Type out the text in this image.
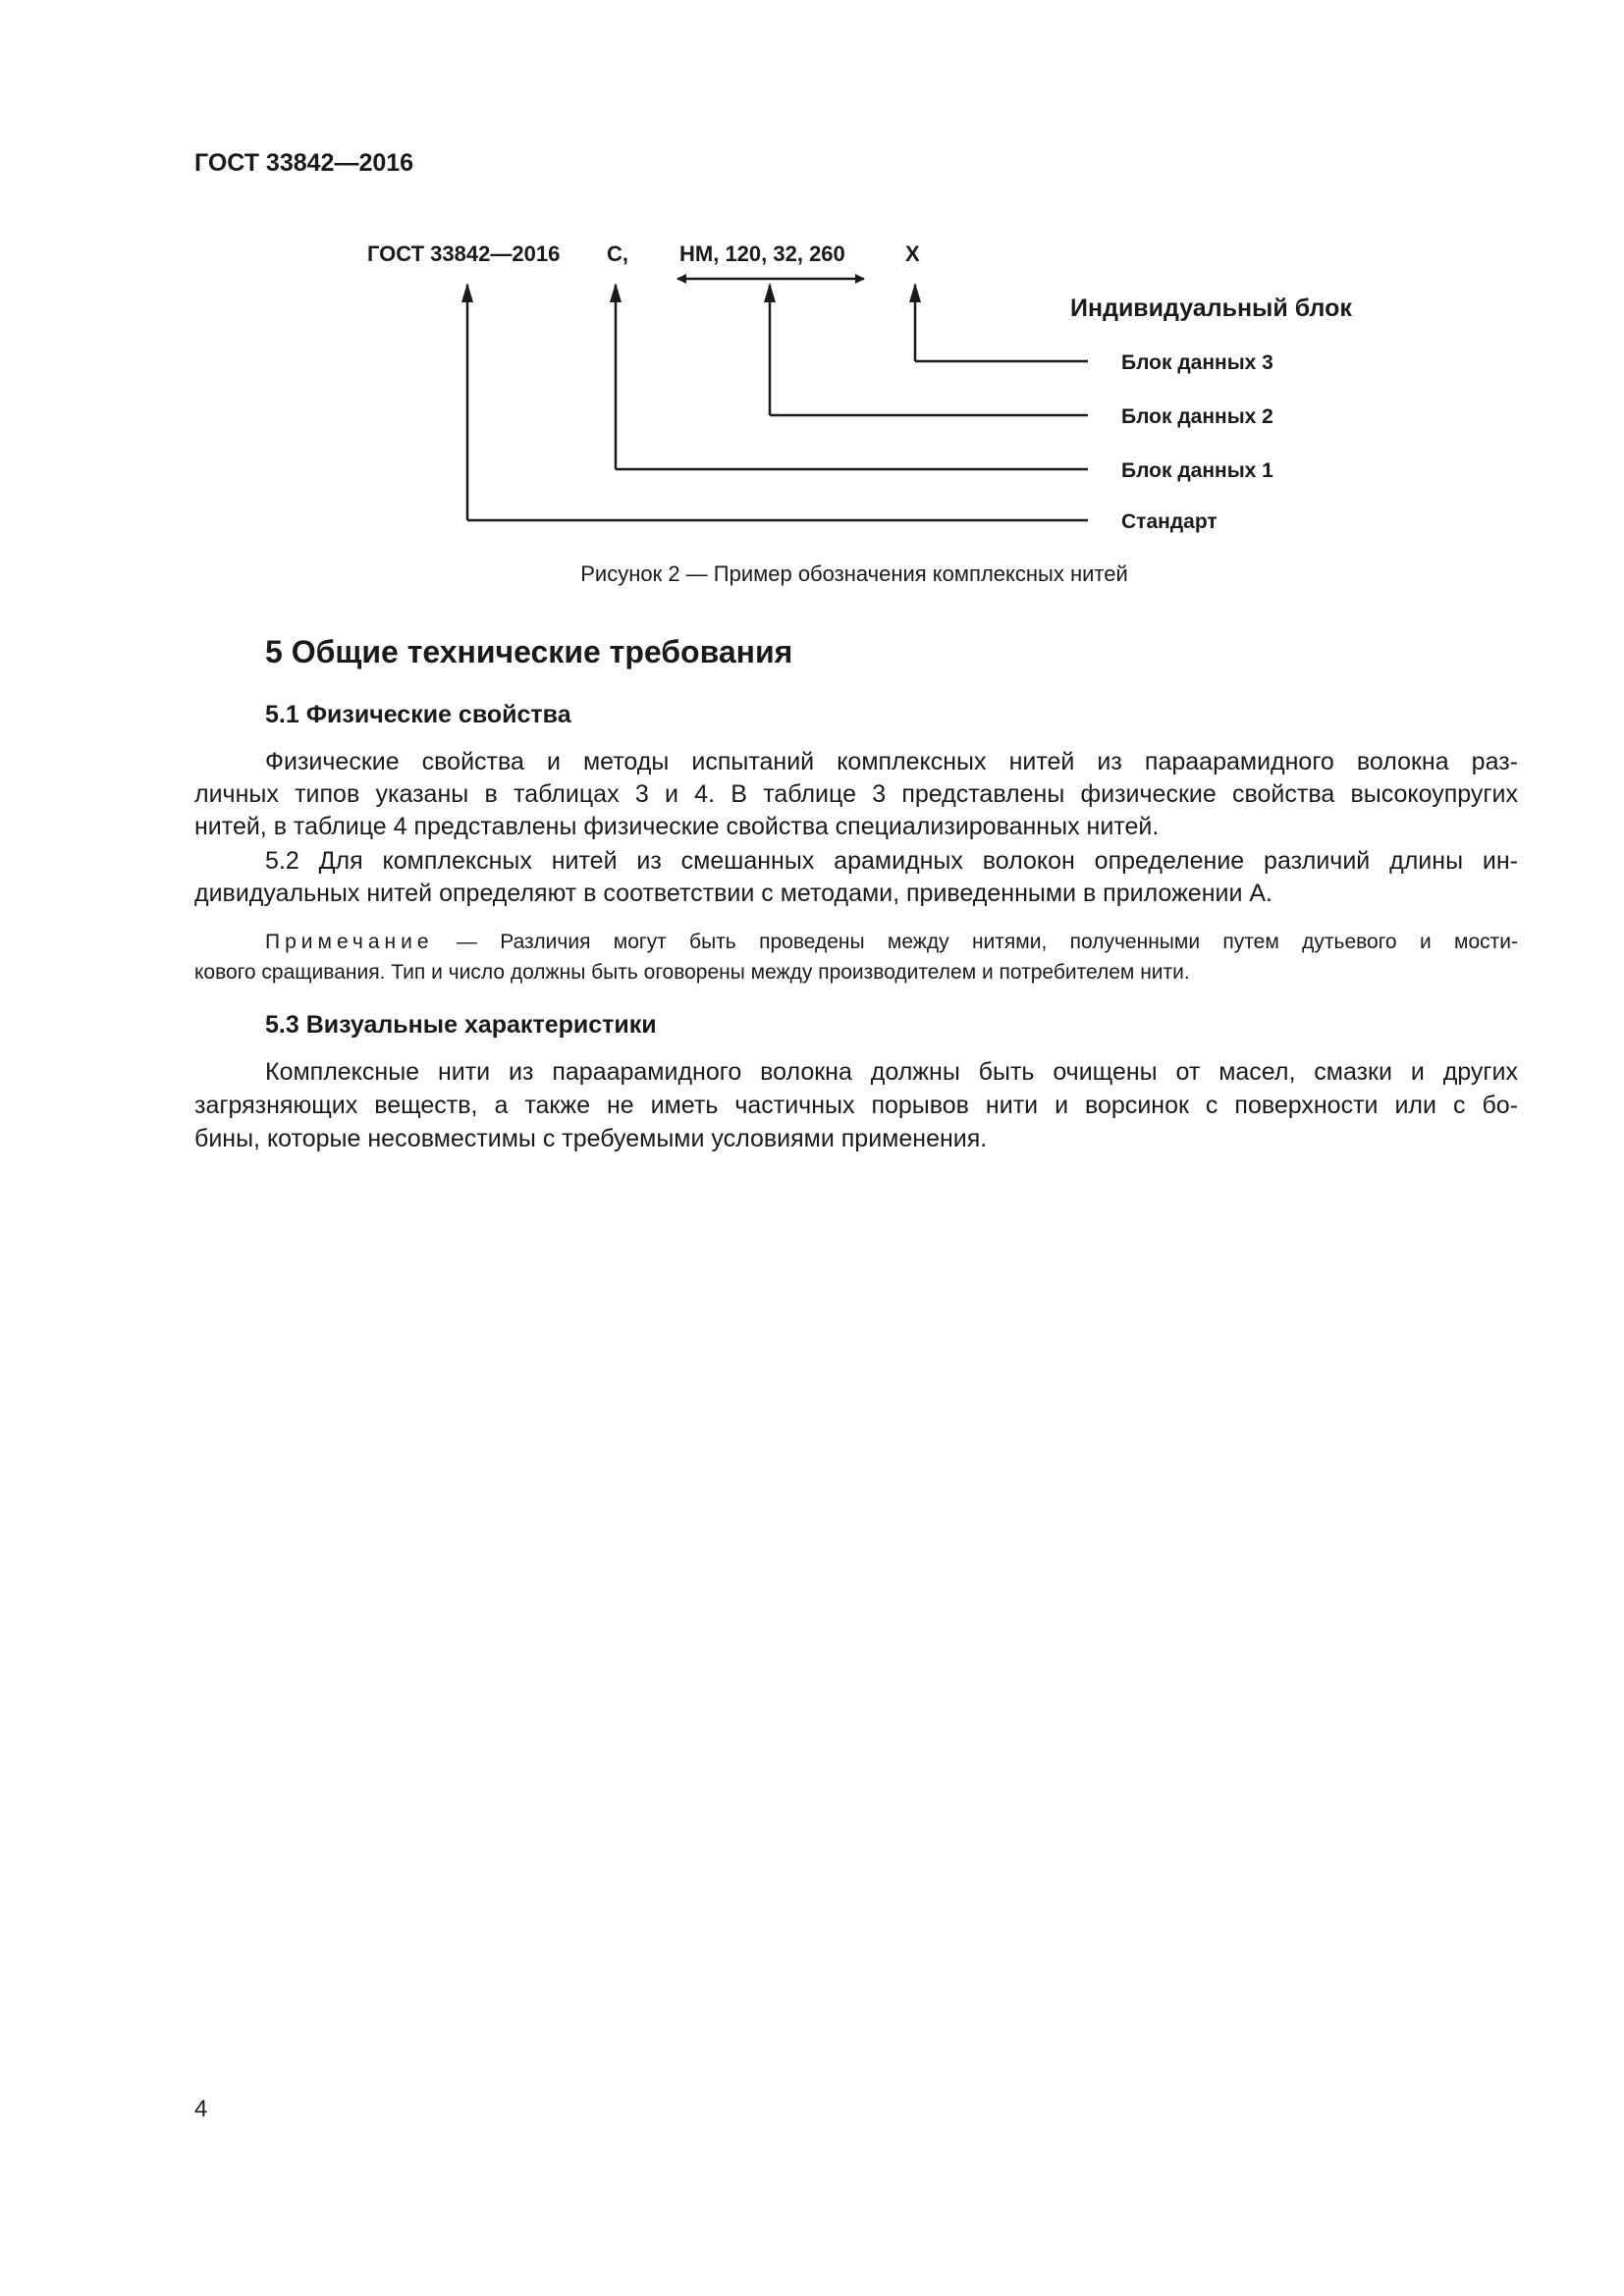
ГОСТ 33842—2016
ГОСТ 33842—2016 С, НМ, 120, 32, 260	Х
Индивидуальный блок
Блок данных 3
Блок данных 2
Блок данных 1
Стандарт
Рисунок 2 — Пример обозначения комплексных нитей
5 Общие технические требования
5.1 Физические свойства
Физические свойства и методы испытаний комплексных нитей из параарамидного волокна раз-
личных типов указаны в таблицах 3 и 4. В таблице 3 представлены физические свойства высокоупругих
нитей, в таблице 4 представлены физические свойства специализированных нитей.
5.2 Для комплексных нитей из смешанных арамидных волокон определение различий длины ин-
дивидуальных нитей определяют в соответствии с методами, приведенными в приложении А.
Примечание — Различия могут быть проведены между нитями, полученными путем дутьевого и мости-
кового сращивания. Тип и число должны быть оговорены между производителем и потребителем нити.
5.3 Визуальные характеристики
Комплексные нити из параарамидного волокна должны быть очищены от масел, смазки и других
загрязняющих веществ, а также не иметь частичных порывов нити и ворсинок с поверхности или с бо-
бины, которые несовместимы с требуемыми условиями применения.
4
